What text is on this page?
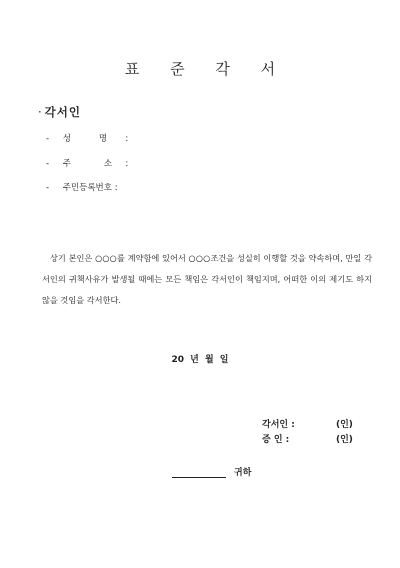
표 준 각 서
· 각서인
- 성	명 :
- 주	소 :
- 주민등록번호 :
상기 본인은 ○○○를 계약함에 있어서 ○○○조건을 성실히 이행할 것을 약속하며, 만일 각서인의 귀책사유가 발생될 때에는 모든 책임은 각서인이 책임지며, 어떠한 이의 제기도 하지 않을 것임을 각서한다.
20 년 월 일
각서인 :	(인)
증 인 :	(인)
귀하
